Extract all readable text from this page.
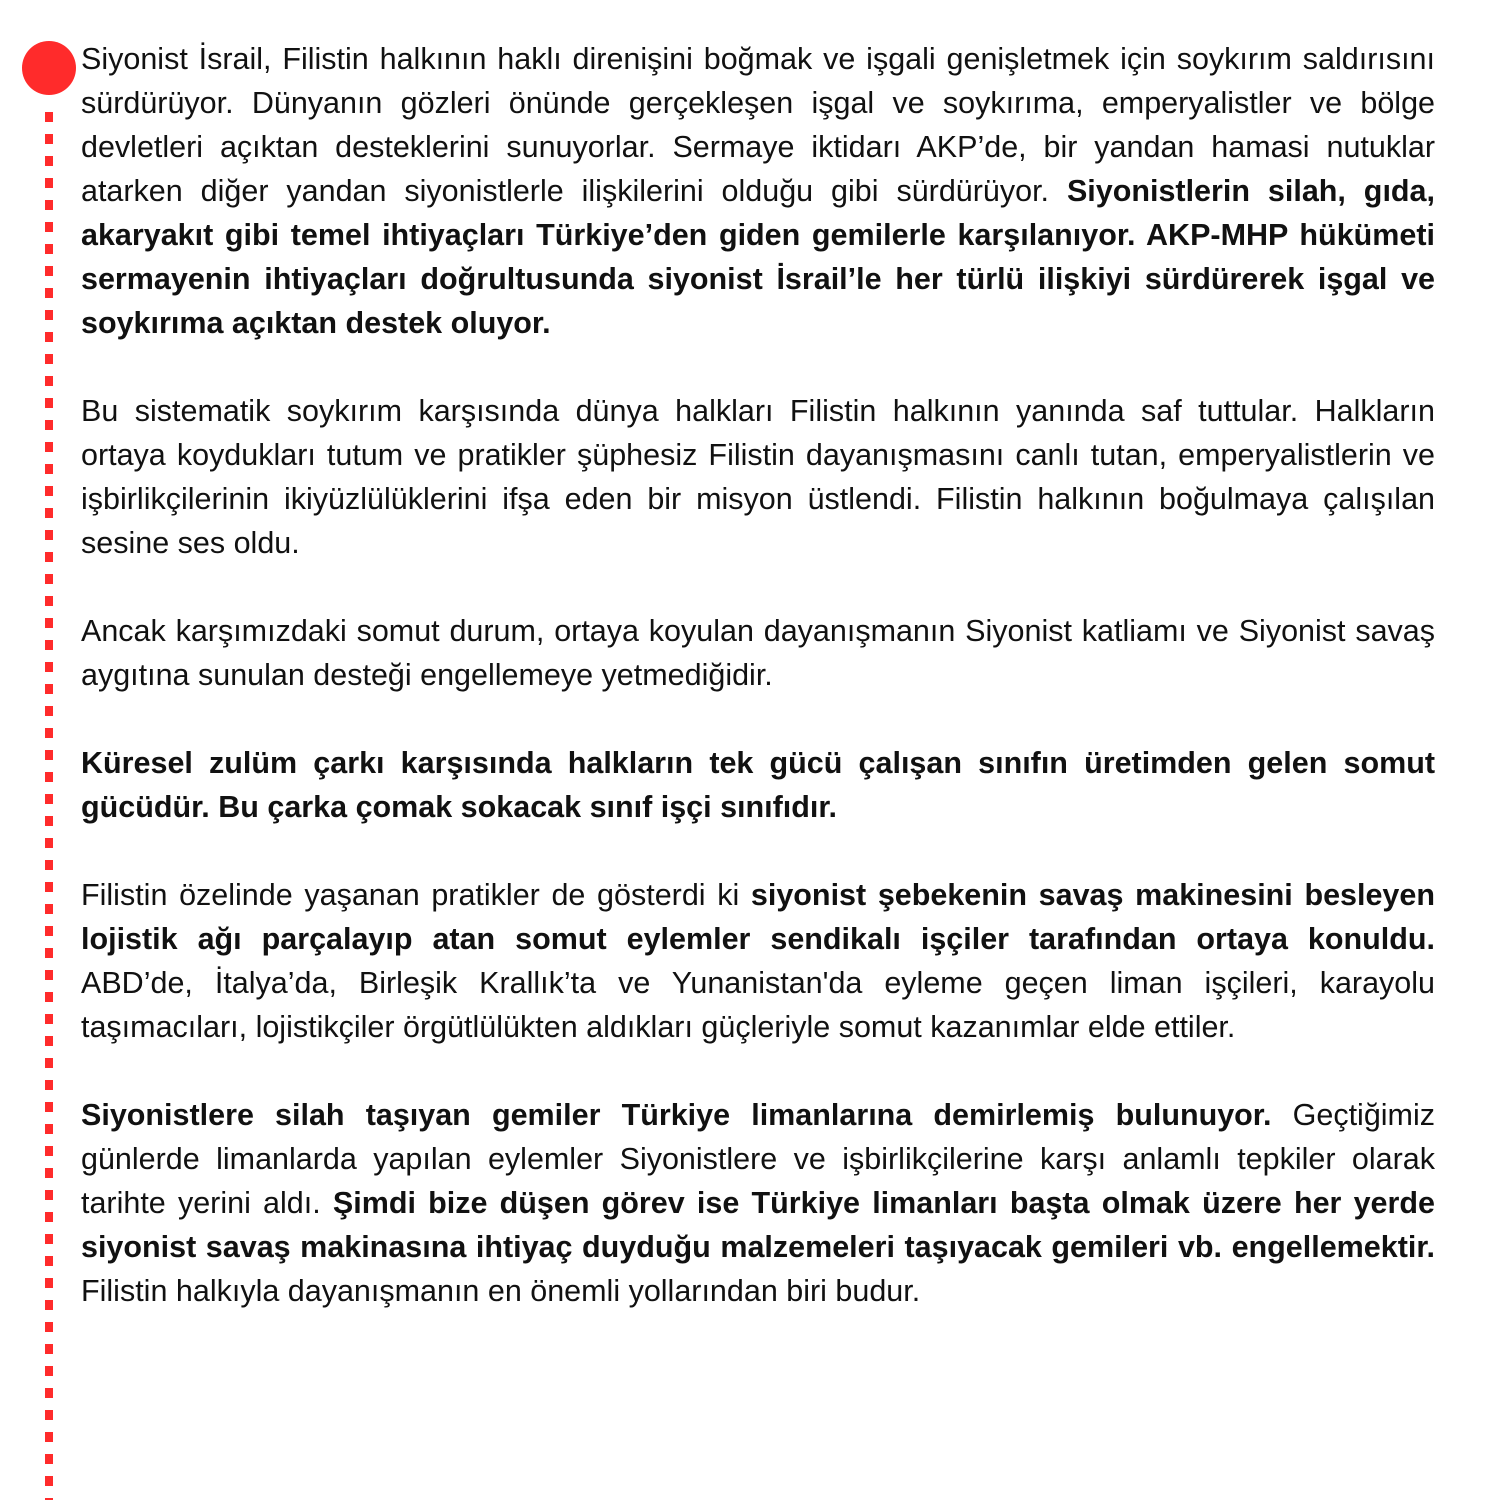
Siyonist İsrail, Filistin halkının haklı direnişini boğmak ve işgali genişletmek için soykırım saldırısını sürdürüyor. Dünyanın gözleri önünde gerçekleşen işgal ve soykırıma, emperyalistler ve bölge devletleri açıktan desteklerini sunuyorlar. Sermaye iktidarı AKP’de, bir yandan hamasi nutuklar atarken diğer yandan siyonistlerle ilişkilerini olduğu gibi sürdürüyor. Siyonistlerin silah, gıda, akaryakıt gibi temel ihtiyaçları Türkiye’den giden gemilerle karşılanıyor. AKP-MHP hükümeti sermayenin ihtiyaçları doğrultusunda siyonist İsrail’le her türlü ilişkiyi sürdürerek işgal ve soykırıma açıktan destek oluyor.

Bu sistematik soykırım karşısında dünya halkları Filistin halkının yanında saf tuttular. Halkların ortaya koydukları tutum ve pratikler şüphesiz Filistin dayanışmasını canlı tutan, emperyalistlerin ve işbirlikçilerinin ikiyüzlülüklerini ifşa eden bir misyon üstlendi. Filistin halkının boğulmaya çalışılan sesine ses oldu.

Ancak karşımızdaki somut durum, ortaya koyulan dayanışmanın Siyonist katliamı ve Siyonist savaş aygıtına sunulan desteği engellemeye yetmediğidir.

Küresel zulüm çarkı karşısında halkların tek gücü çalışan sınıfın üretimden gelen somut gücüdür. Bu çarka çomak sokacak sınıf işçi sınıfıdır.

Filistin özelinde yaşanan pratikler de gösterdi ki siyonist şebekenin savaş makinesini besleyen lojistik ağı parçalayıp atan somut eylemler sendikalı işçiler tarafından ortaya konuldu. ABD’de, İtalya’da, Birleşik Krallık’ta ve Yunanistan'da eyleme geçen liman işçileri, karayolu taşımacıları, lojistikçiler örgütlülükten aldıkları güçleriyle somut kazanımlar elde ettiler.

Siyonistlere silah taşıyan gemiler Türkiye limanlarına demirlemiş bulunuyor. Geçtiğimiz günlerde limanlarda yapılan eylemler Siyonistlere ve işbirlikçilerine karşı anlamlı tepkiler olarak tarihte yerini aldı. Şimdi bize düşen görev ise Türkiye limanları başta olmak üzere her yerde siyonist savaş makinasına ihtiyaç duyduğu malzemeleri taşıyacak gemileri vb. engellemektir. Filistin halkıyla dayanışmanın en önemli yollarından biri budur.
